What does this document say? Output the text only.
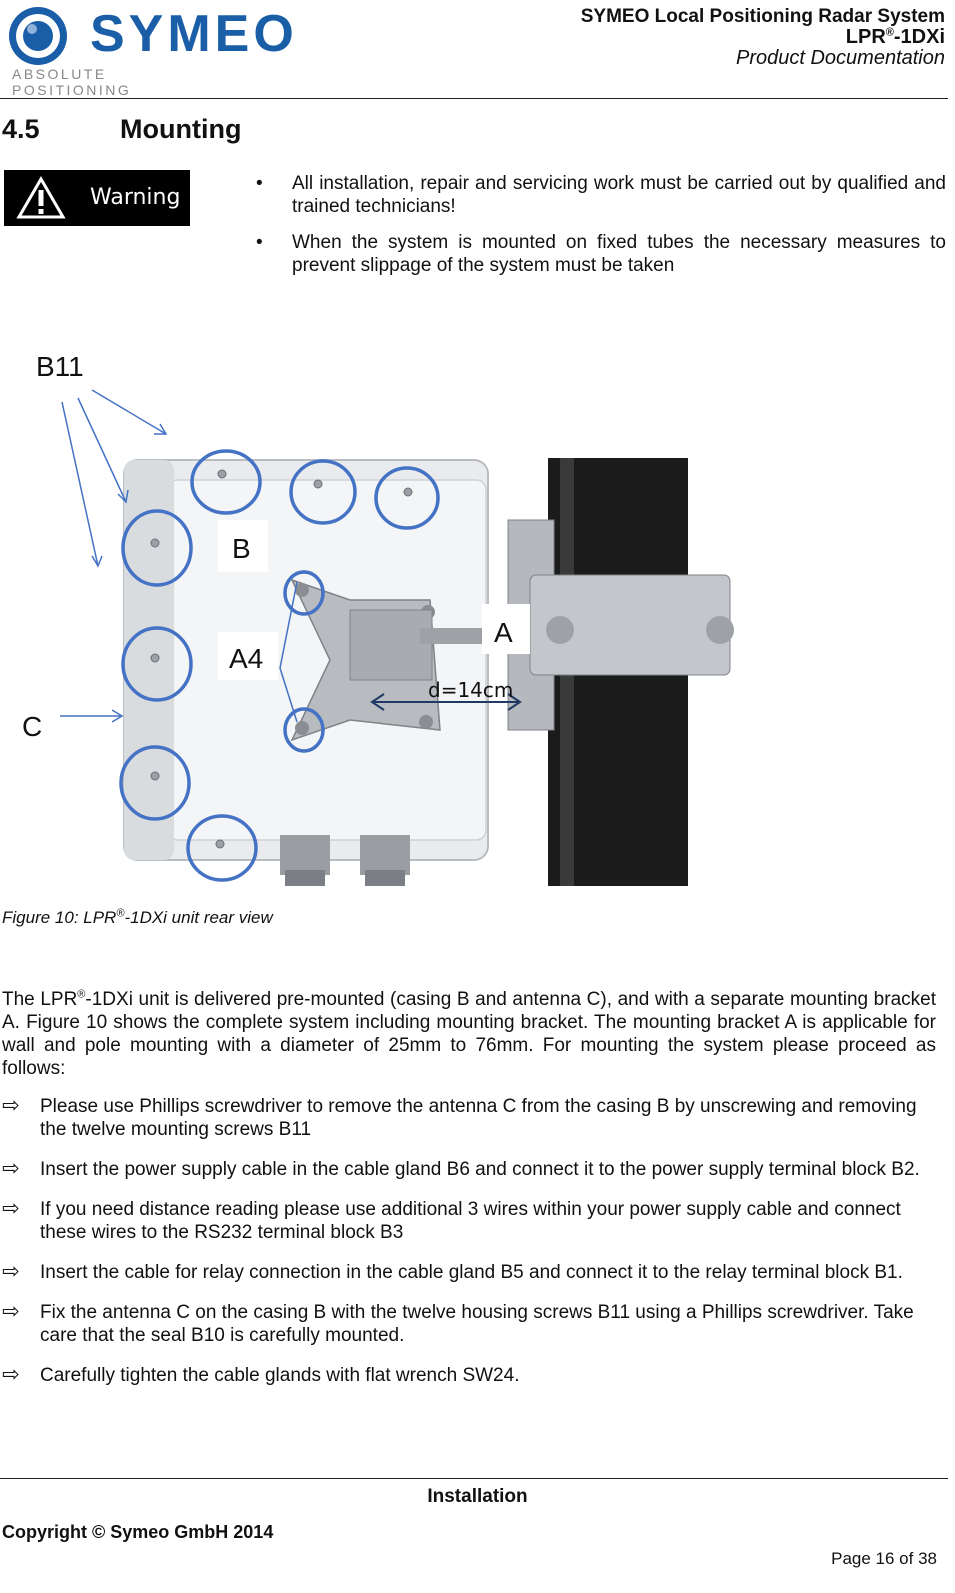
SYMEO
ABSOLUTE POSITIONING
SYMEO Local Positioning Radar System
LPR®-1DXi
Product Documentation
4.5	Mounting
Warning
• All installation, repair and servicing work must be carried out by qualified and trained technicians!
• When the system is mounted on fixed tubes the necessary measures to prevent slippage of the system must be taken
B11
B
A4
A
C
d=14cm
Figure 10: LPR®-1DXi unit rear view
The LPR®-1DXi unit is delivered pre-mounted (casing B and antenna C), and with a separate mounting bracket A. Figure 10 shows the complete system including mounting bracket. The mounting bracket A is applicable for wall and pole mounting with a diameter of 25mm to 76mm. For mounting the system please proceed as follows:
⇨ Please use Phillips screwdriver to remove the antenna C from the casing B by unscrewing and removing the twelve mounting screws B11
⇨ Insert the power supply cable in the cable gland B6 and connect it to the power supply terminal block B2.
⇨ If you need distance reading please use additional 3 wires within your power supply cable and connect these wires to the RS232 terminal block B3
⇨ Insert the cable for relay connection in the cable gland B5 and connect it to the relay terminal block B1.
⇨ Fix the antenna C on the casing B with the twelve housing screws B11 using a Phillips screwdriver. Take care that the seal B10 is carefully mounted.
⇨ Carefully tighten the cable glands with flat wrench SW24.
Installation
Copyright © Symeo GmbH 2014
Page 16 of 38
